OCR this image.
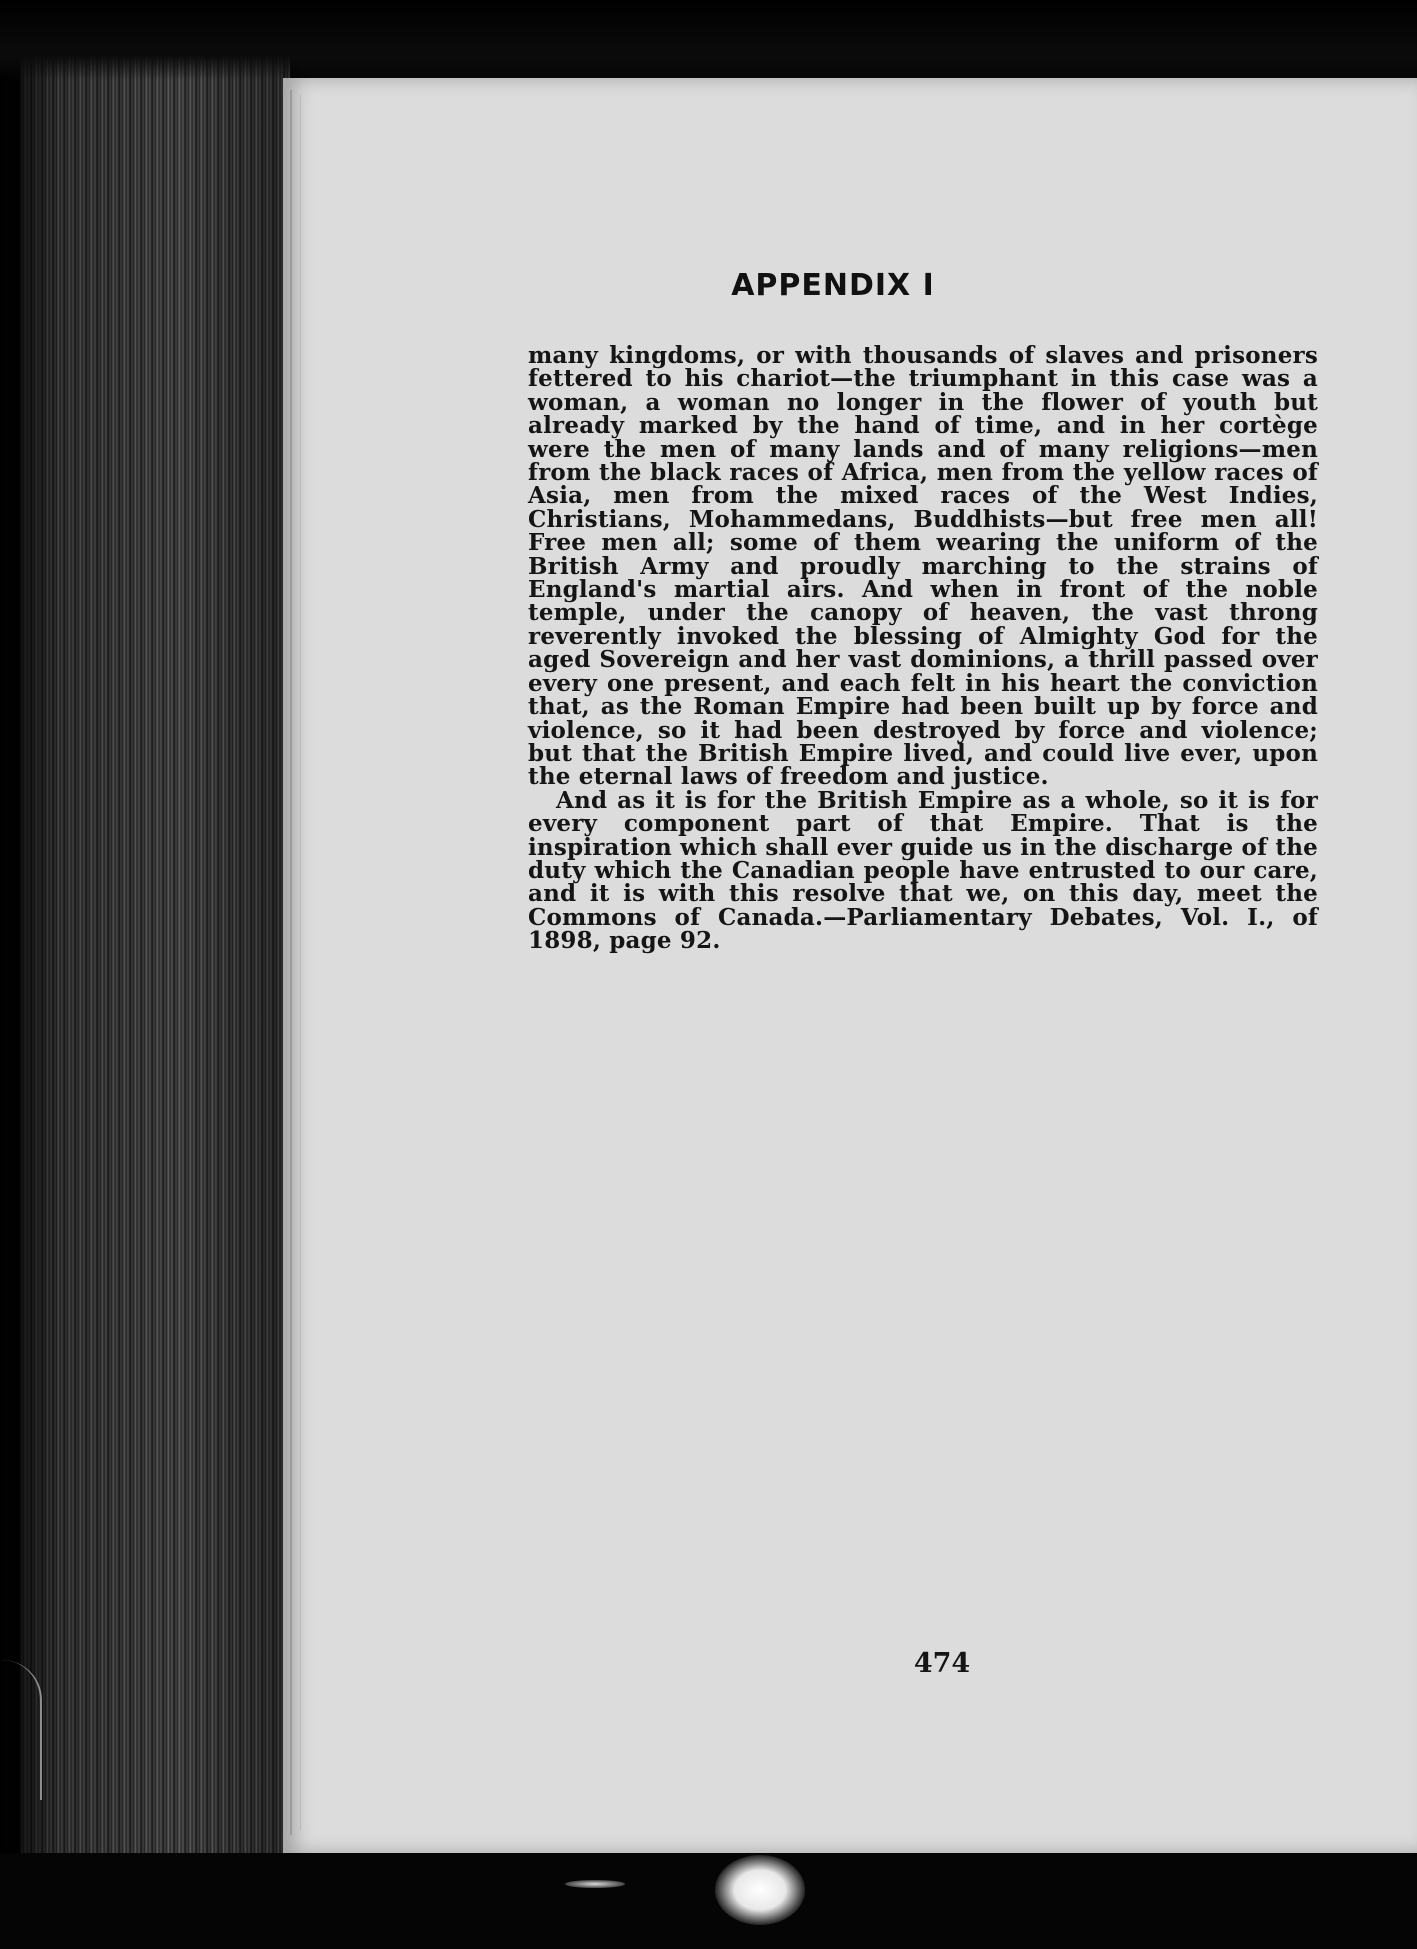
APPENDIX I

many kingdoms, or with thousands of slaves and prisoners fettered to his chariot—the triumphant in this case was a woman, a woman no longer in the flower of youth but already marked by the hand of time, and in her cortège were the men of many lands and of many religions—men from the black races of Africa, men from the yellow races of Asia, men from the mixed races of the West Indies, Christians, Mohammedans, Buddhists—but free men all! Free men all; some of them wearing the uniform of the British Army and proudly marching to the strains of England's martial airs. And when in front of the noble temple, under the canopy of heaven, the vast throng reverently invoked the blessing of Almighty God for the aged Sovereign and her vast dominions, a thrill passed over every one present, and each felt in his heart the conviction that, as the Roman Empire had been built up by force and violence, so it had been destroyed by force and violence; but that the British Empire lived, and could live ever, upon the eternal laws of freedom and justice.

And as it is for the British Empire as a whole, so it is for every component part of that Empire. That is the inspiration which shall ever guide us in the discharge of the duty which the Canadian people have entrusted to our care, and it is with this resolve that we, on this day, meet the Commons of Canada.—Parliamentary Debates, Vol. I., of 1898, page 92.

474
